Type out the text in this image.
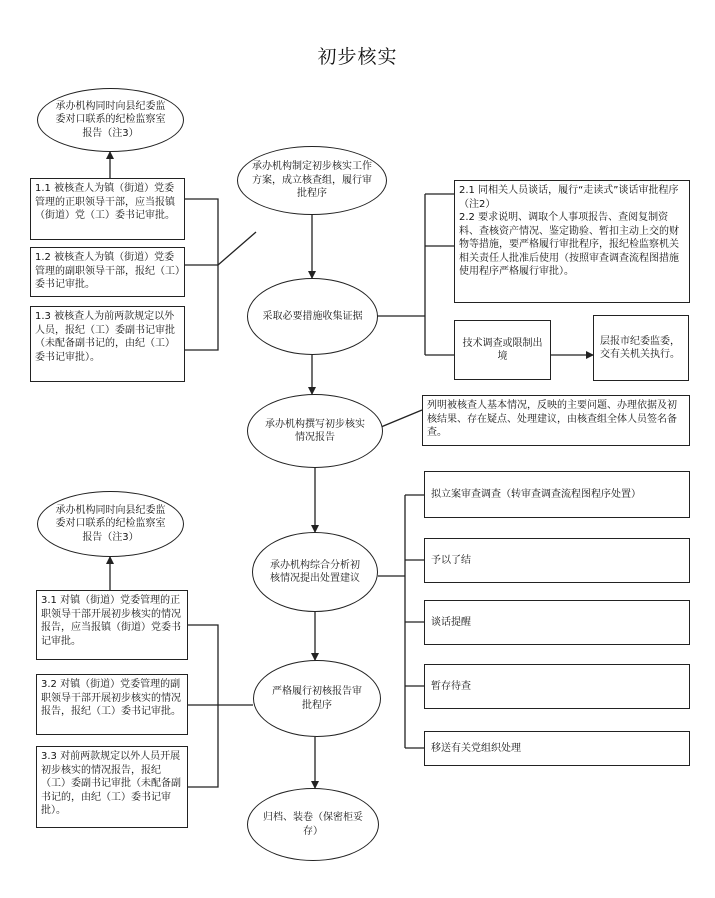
初步核实
承办机构同时向县纪委监委对口联系的纪检监察室报告（注3）
承办机构制定初步核实工作方案，成立核查组，履行审批程序
采取必要措施收集证据
承办机构撰写初步核实情况报告
承办机构综合分析初核情况提出处置建议
承办机构同时向县纪委监委对口联系的纪检监察室报告（注3）
严格履行初核报告审批程序
归档、装卷（保密柜妥存）
1.1 被核查人为镇（街道）党委管理的正职领导干部，应当报镇（街道）党（工）委书记审批。
1.2 被核查人为镇（街道）党委管理的副职领导干部，报纪（工）委书记审批。
1.3 被核查人为前两款规定以外人员，报纪（工）委副书记审批（未配备副书记的，由纪（工）委书记审批）。
2.1 同相关人员谈话，履行“走读式”谈话审批程序（注2）
2.2 要求说明、调取个人事项报告、查阅复制资料、查核资产情况、鉴定勘验、暂扣主动上交的财物等措施，要严格履行审批程序，报纪检监察机关相关责任人批准后使用（按照审查调查流程图措施使用程序严格履行审批）。
技术调查或限制出境
层报市纪委监委，交有关机关执行。
列明被核查人基本情况，反映的主要问题、办理依据及初核结果、存在疑点、处理建议，由核查组全体人员签名备查。
拟立案审查调查（转审查调查流程图程序处置）
予以了结
谈话提醒
暂存待查
移送有关党组织处理
3.1 对镇（街道）党委管理的正职领导干部开展初步核实的情况报告，应当报镇（街道）党委书记审批。
3.2 对镇（街道）党委管理的副职领导干部开展初步核实的情况报告，报纪（工）委书记审批。
3.3 对前两款规定以外人员开展初步核实的情况报告，报纪（工）委副书记审批（未配备副书记的，由纪（工）委书记审批）。
